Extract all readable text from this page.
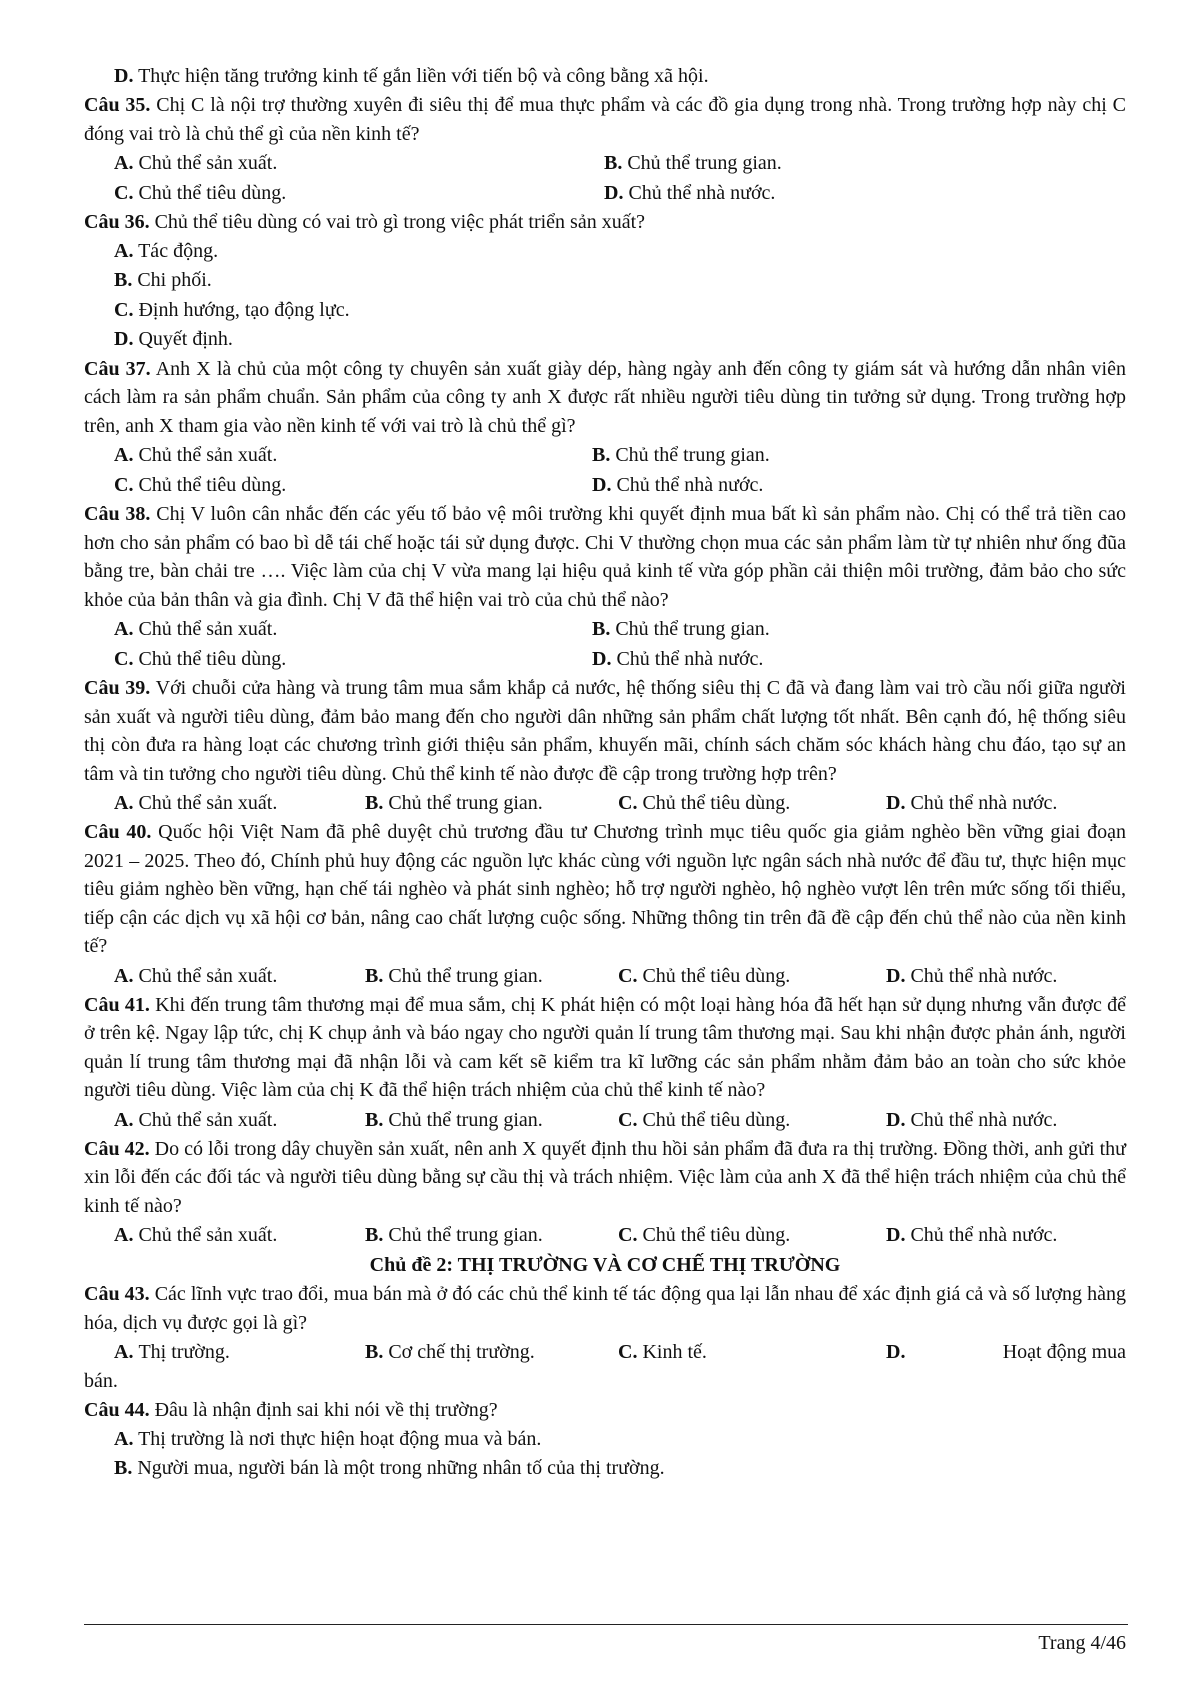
D. Thực hiện tăng trưởng kinh tế gắn liền với tiến bộ và công bằng xã hội.

Câu 35. Chị C là nội trợ thường xuyên đi siêu thị để mua thực phẩm và các đồ gia dụng trong nhà. Trong trường hợp này chị C đóng vai trò là chủ thể gì của nền kinh tế?

A. Chủ thể sản xuất.	B. Chủ thể trung gian.
C. Chủ thể tiêu dùng.	D. Chủ thể nhà nước.

Câu 36. Chủ thể tiêu dùng có vai trò gì trong việc phát triển sản xuất?

A. Tác động.
B. Chi phối.
C. Định hướng, tạo động lực.
D. Quyết định.

Câu 37. Anh X là chủ của một công ty chuyên sản xuất giày dép, hàng ngày anh đến công ty giám sát và hướng dẫn nhân viên cách làm ra sản phẩm chuẩn. Sản phẩm của công ty anh X được rất nhiều người tiêu dùng tin tưởng sử dụng. Trong trường hợp trên, anh X tham gia vào nền kinh tế với vai trò là chủ thể gì?

A. Chủ thể sản xuất.	B. Chủ thể trung gian.
C. Chủ thể tiêu dùng.	D. Chủ thể nhà nước.

Câu 38. Chị V luôn cân nhắc đến các yếu tố bảo vệ môi trường khi quyết định mua bất kì sản phẩm nào. Chị có thể trả tiền cao hơn cho sản phẩm có bao bì dễ tái chế hoặc tái sử dụng được. Chi V thường chọn mua các sản phẩm làm từ tự nhiên như ống đũa bằng tre, bàn chải tre …. Việc làm của chị V vừa mang lại hiệu quả kinh tế vừa góp phần cải thiện môi trường, đảm bảo cho sức khỏe của bản thân và gia đình. Chị V đã thể hiện vai trò của chủ thể nào?

A. Chủ thể sản xuất.	B. Chủ thể trung gian.
C. Chủ thể tiêu dùng.	D. Chủ thể nhà nước.

Câu 39. Với chuỗi cửa hàng và trung tâm mua sắm khắp cả nước, hệ thống siêu thị C đã và đang làm vai trò cầu nối giữa người sản xuất và người tiêu dùng, đảm bảo mang đến cho người dân những sản phẩm chất lượng tốt nhất. Bên cạnh đó, hệ thống siêu thị còn đưa ra hàng loạt các chương trình giới thiệu sản phẩm, khuyến mãi, chính sách chăm sóc khách hàng chu đáo, tạo sự an tâm và tin tưởng cho người tiêu dùng. Chủ thể kinh tế nào được đề cập trong trường hợp trên?

A. Chủ thể sản xuất.	B. Chủ thể trung gian.	C. Chủ thể tiêu dùng.	D. Chủ thể nhà nước.

Câu 40. Quốc hội Việt Nam đã phê duyệt chủ trương đầu tư Chương trình mục tiêu quốc gia giảm nghèo bền vững giai đoạn 2021 – 2025. Theo đó, Chính phủ huy động các nguồn lực khác cùng với nguồn lực ngân sách nhà nước để đầu tư, thực hiện mục tiêu giảm nghèo bền vững, hạn chế tái nghèo và phát sinh nghèo; hỗ trợ người nghèo, hộ nghèo vượt lên trên mức sống tối thiểu, tiếp cận các dịch vụ xã hội cơ bản, nâng cao chất lượng cuộc sống. Những thông tin trên đã đề cập đến chủ thể nào của nền kinh tế?

A. Chủ thể sản xuất.	B. Chủ thể trung gian.	C. Chủ thể tiêu dùng.	D. Chủ thể nhà nước.

Câu 41. Khi đến trung tâm thương mại để mua sắm, chị K phát hiện có một loại hàng hóa đã hết hạn sử dụng nhưng vẫn được để ở trên kệ. Ngay lập tức, chị K chụp ảnh và báo ngay cho người quản lí trung tâm thương mại. Sau khi nhận được phản ánh, người quản lí trung tâm thương mại đã nhận lỗi và cam kết sẽ kiểm tra kĩ lưỡng các sản phẩm nhằm đảm bảo an toàn cho sức khỏe người tiêu dùng. Việc làm của chị K đã thể hiện trách nhiệm của chủ thể kinh tế nào?

A. Chủ thể sản xuất.	B. Chủ thể trung gian.	C. Chủ thể tiêu dùng.	D. Chủ thể nhà nước.

Câu 42. Do có lỗi trong dây chuyền sản xuất, nên anh X quyết định thu hồi sản phẩm đã đưa ra thị trường. Đồng thời, anh gửi thư xin lỗi đến các đối tác và người tiêu dùng bằng sự cầu thị và trách nhiệm. Việc làm của anh X đã thể hiện trách nhiệm của chủ thể kinh tế nào?

A. Chủ thể sản xuất.	B. Chủ thể trung gian.	C. Chủ thể tiêu dùng.	D. Chủ thể nhà nước.
Chủ đề 2: THỊ TRƯỜNG VÀ CƠ CHẾ THỊ TRƯỜNG

Câu 43. Các lĩnh vực trao đổi, mua bán mà ở đó các chủ thể kinh tế tác động qua lại lẫn nhau để xác định giá cả và số lượng hàng hóa, dịch vụ được gọi là gì?

A. Thị trường.	B. Cơ chế thị trường.	C. Kinh tế.	D.	Hoạt động mua
bán.

Câu 44. Đâu là nhận định sai khi nói về thị trường?

A. Thị trường là nơi thực hiện hoạt động mua và bán.
B. Người mua, người bán là một trong những nhân tố của thị trường.
Trang 4/46
